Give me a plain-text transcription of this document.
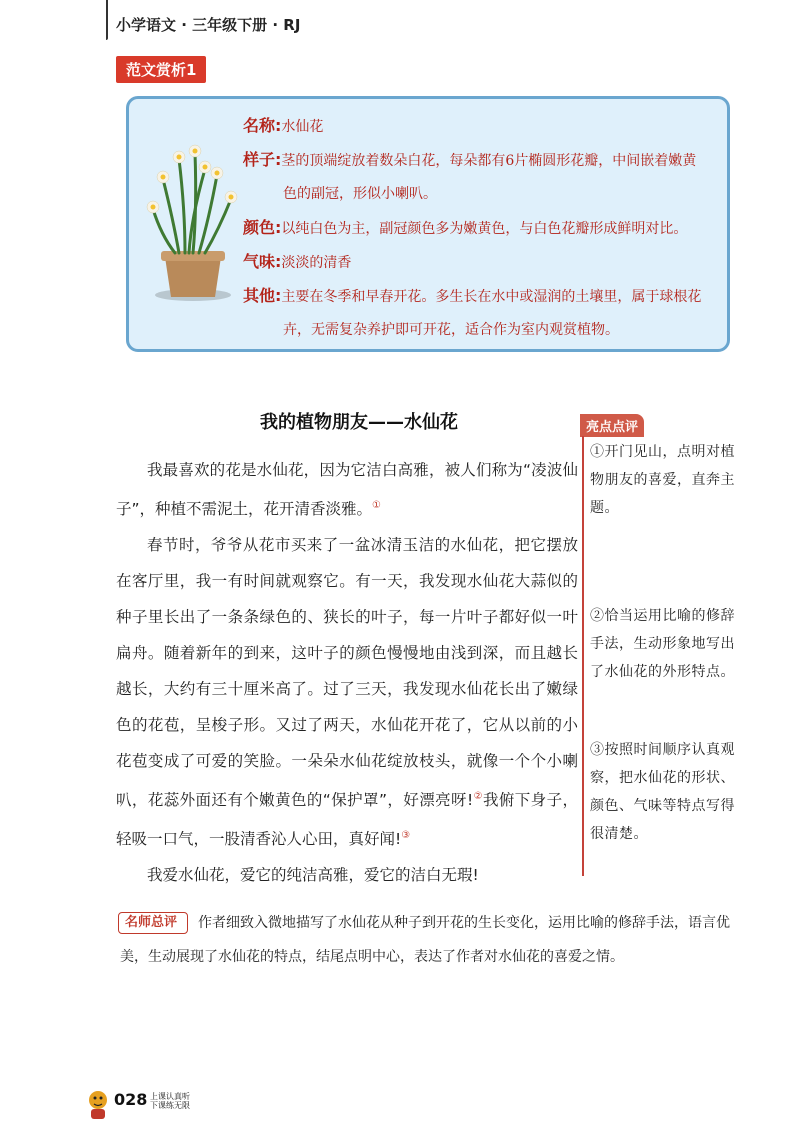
小学语文 · 三年级下册 · RJ
范文赏析1
名称:水仙花
样子:茎的顶端绽放着数朵白花，每朵都有6片椭圆形花瓣，中间嵌着嫩黄
色的副冠，形似小喇叭。
颜色:以纯白色为主，副冠颜色多为嫩黄色，与白色花瓣形成鲜明对比。
气味:淡淡的清香
其他:主要在冬季和早春开花。多生长在水中或湿润的土壤里，属于球根花
卉，无需复杂养护即可开花，适合作为室内观赏植物。
我的植物朋友——水仙花

我最喜欢的花是水仙花，因为它洁白高雅，被人们称为“凌波仙子”，种植不需泥土，花开清香淡雅。①

春节时，爷爷从花市买来了一盆冰清玉洁的水仙花，把它摆放在客厅里，我一有时间就观察它。有一天，我发现水仙花大蒜似的种子里长出了一条条绿色的、狭长的叶子，每一片叶子都好似一叶扁舟。随着新年的到来，这叶子的颜色慢慢地由浅到深，而且越长越长，大约有三十厘米高了。过了三天，我发现水仙花长出了嫩绿色的花苞，呈梭子形。又过了两天，水仙花开花了，它从以前的小花苞变成了可爱的笑脸。一朵朵水仙花绽放枝头，就像一个个小喇叭，花蕊外面还有个嫩黄色的“保护罩”，好漂亮呀!②我俯下身子，轻吸一口气，一股清香沁人心田，真好闻!③

我爱水仙花，爱它的纯洁高雅，爱它的洁白无瑕!

亮点点评
①开门见山，点明对植物朋友的喜爱，直奔主题。
②恰当运用比喻的修辞手法，生动形象地写出了水仙花的外形特点。
③按照时间顺序认真观察，把水仙花的形状、颜色、气味等特点写得很清楚。
作者细致入微地描写了水仙花从种子到开花的生长变化，运用比喻的修辞手法，语言优美，生动展现了水仙花的特点，结尾点明中心，表达了作者对水仙花的喜爱之情。
名师总评
028 上课认真听 下课练无限
